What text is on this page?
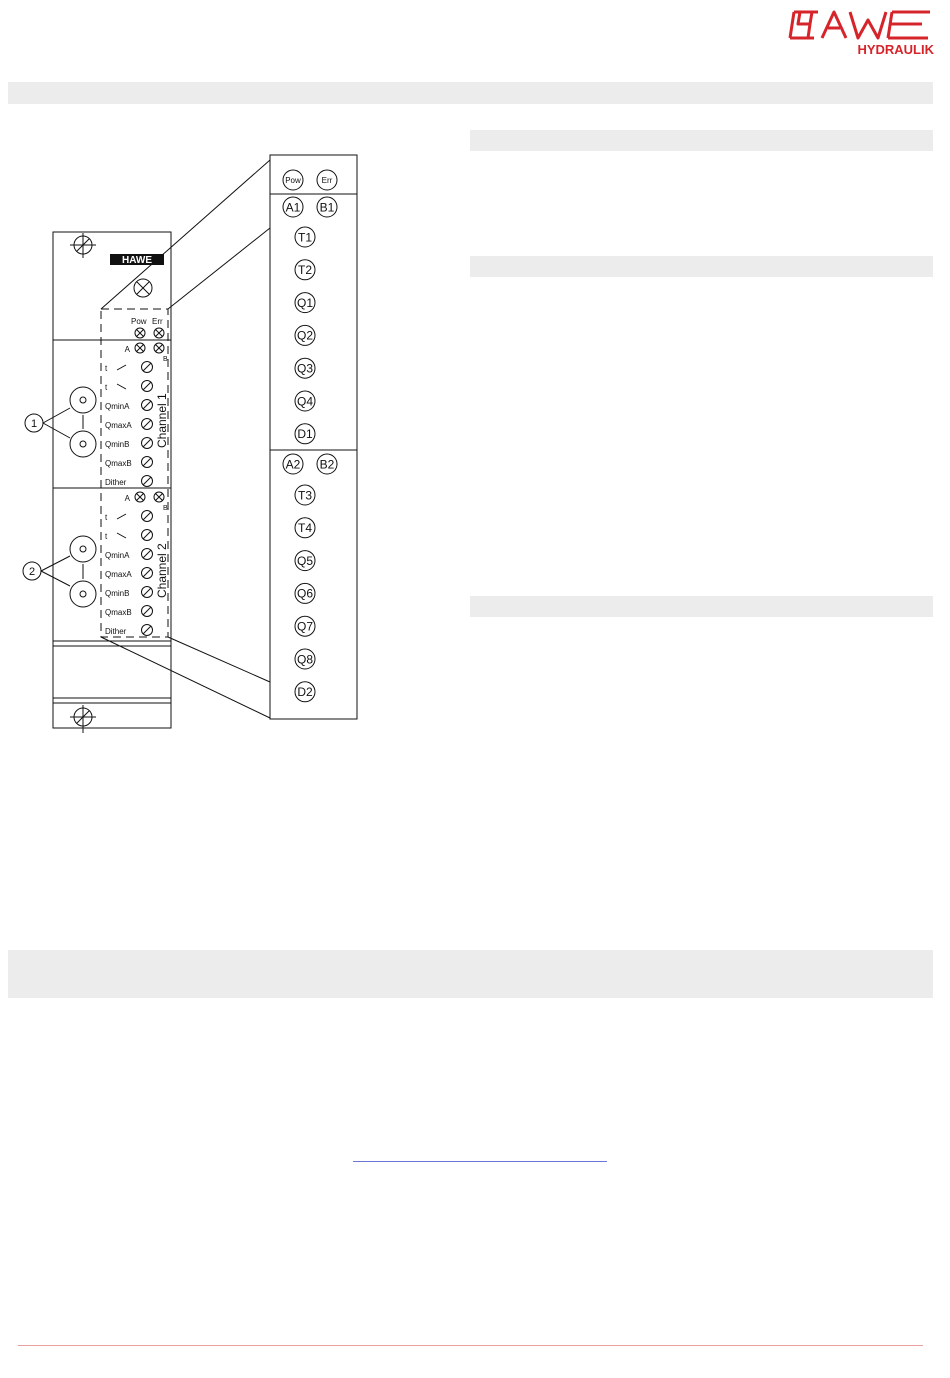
HYDRAULIK
HAWE
Pow Err
A
B
t
t
QminA
QmaxA
QminB
QmaxB
Dither
A
B
t
t
QminA
QmaxA
QminB
QmaxB
Dither
Channel 1
Channel 2
1
2
Pow	Err
A1 B1
T1
T2
Q1
Q2
Q3
Q4
D1
A2 B2
T3
T4
Q5
Q6
Q7
Q8
D2
